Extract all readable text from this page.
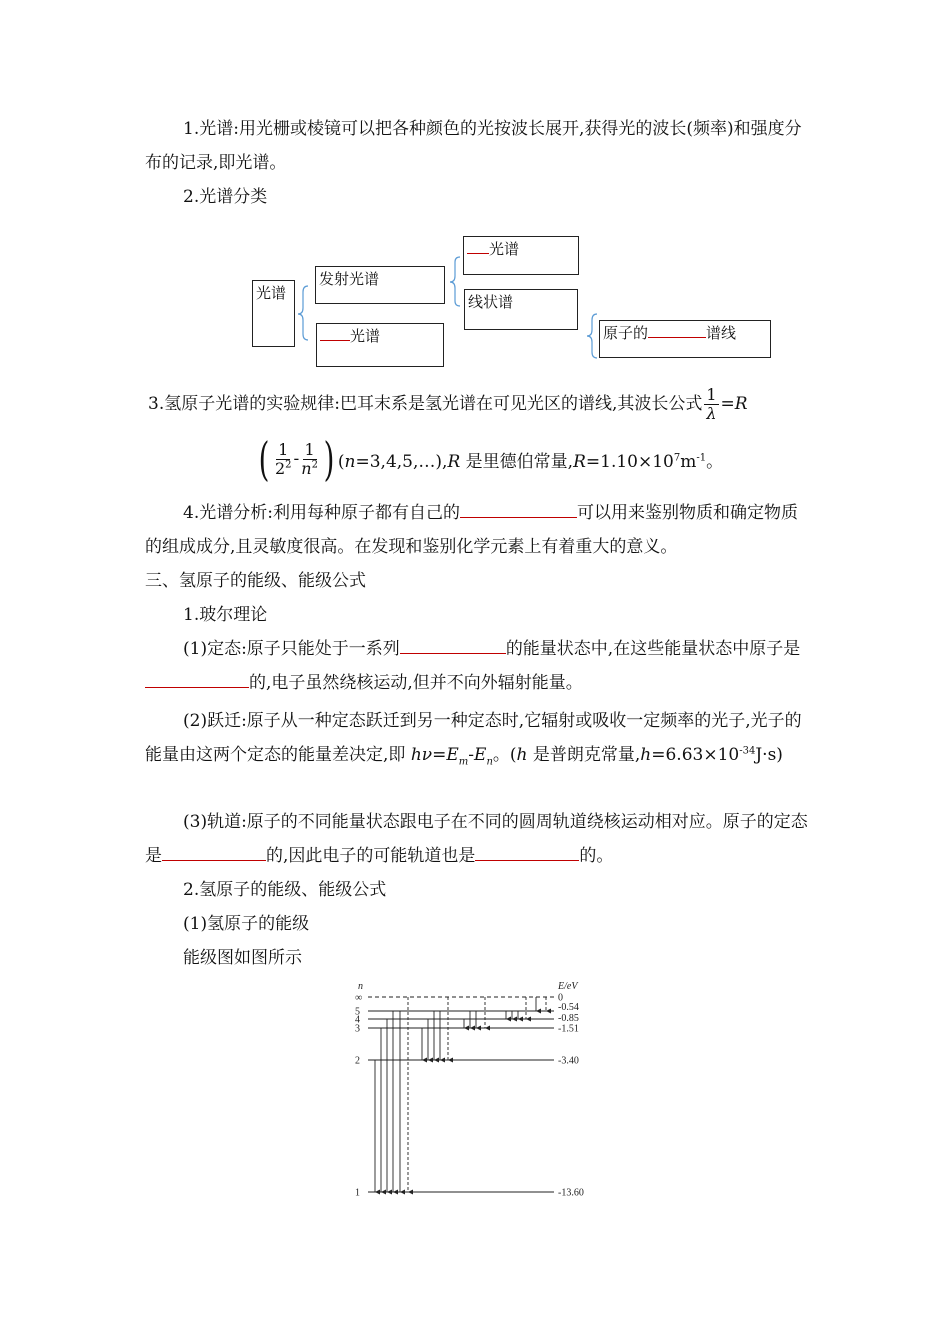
1.光谱:用光栅或棱镜可以把各种颜色的光按波长展开,获得光的波长(频率)和强度分布的记录,即光谱。

2.光谱分类

光谱
发射光谱
光谱
光谱
线状谱
原子的	谱线
3.氢原子光谱的实验规律:巴耳末系是氢光谱在可见光区的谱线,其波长公式 $\frac{1}{\lambda} = R$
( $\frac{1}{2^2} - \frac{1}{n^2}$ ) (n=3,4,5,…),R 是里德伯常量$,R=1.10\times 10^7m^{-1}$。

4.光谱分析:利用每种原子都有自己的	可以用来鉴别物质和确定物质的组成成分,且灵敏度很高。在发现和鉴别化学元素上有着重大的意义。

三、氢原子的能级、能级公式

1.玻尔理论

(1)定态:原子只能处于一系列	的能量状态中,在这些能量状态中原子是的,电子虽然绕核运动,但并不向外辐射能量。

(2)跃迁:原子从一种定态跃迁到另一种定态时,它辐射或吸收一定频率的光子,光子的能量由这两个定态的能量差决定,即 $h\nu=E_m-E_n$。(h 是普朗克常量$,h=6.63\times 10^{-34}J\cdot s$)

(3)轨道:原子的不同能量状态跟电子在不同的圆周轨道绕核运动相对应。原子的定态是	的,因此电子的可能轨道也是	的。

2.氢原子的能级、能级公式

(1)氢原子的能级

能级图如图所示

n	E/eV
∞	0
5	-0.54
4	-0.85
3	-1.51
2	-3.40
1	-13.60
